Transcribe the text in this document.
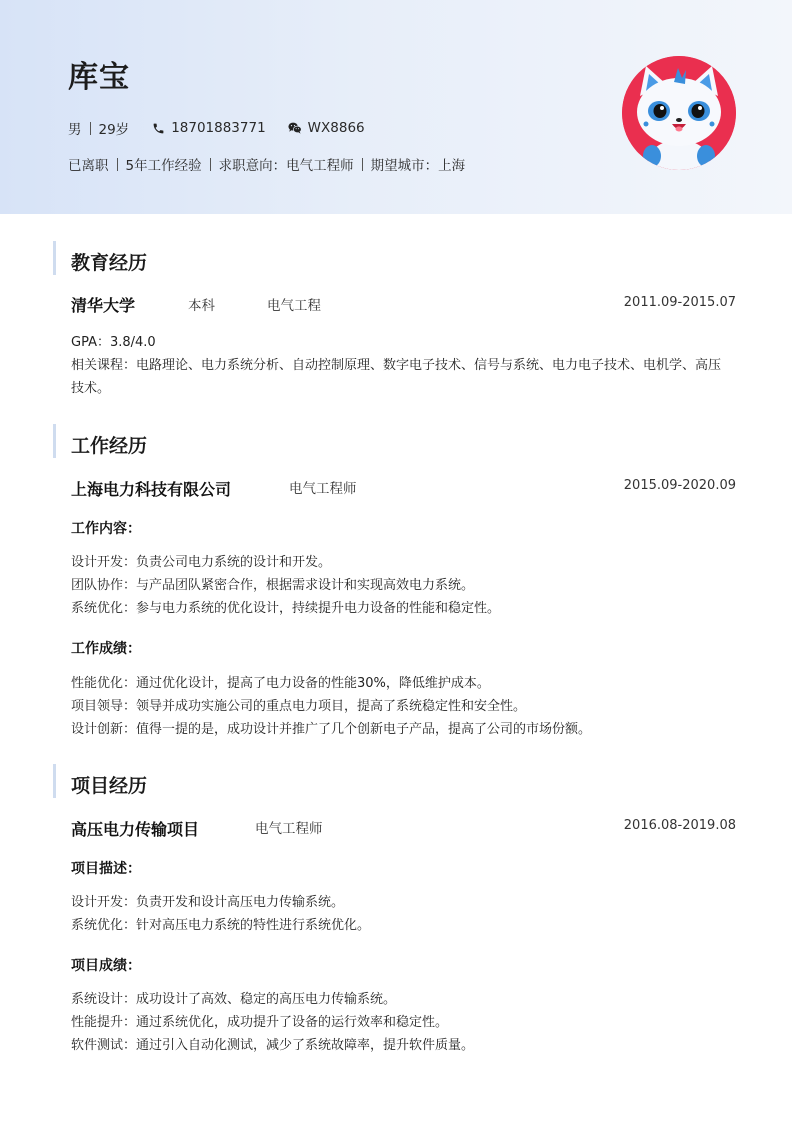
库宝
男 29岁	18701883771	WX8866
已离职 5年工作经验 求职意向：电气工程师 期望城市：上海
教育经历
清华大学	本科	电气工程	2011.09-2015.07
GPA：3.8/4.0
相关课程：电路理论、电力系统分析、自动控制原理、数字电子技术、信号与系统、电力电子技术、电机学、高压技术。
工作经历
上海电力科技有限公司	电气工程师	2015.09-2020.09
工作内容：
设计开发：负责公司电力系统的设计和开发。
团队协作：与产品团队紧密合作，根据需求设计和实现高效电力系统。
系统优化：参与电力系统的优化设计，持续提升电力设备的性能和稳定性。
工作成绩：
性能优化：通过优化设计，提高了电力设备的性能30%，降低维护成本。
项目领导：领导并成功实施公司的重点电力项目，提高了系统稳定性和安全性。
设计创新：值得一提的是，成功设计并推广了几个创新电子产品，提高了公司的市场份额。
项目经历
高压电力传输项目	电气工程师	2016.08-2019.08
项目描述：
设计开发：负责开发和设计高压电力传输系统。
系统优化：针对高压电力系统的特性进行系统优化。
项目成绩：
系统设计：成功设计了高效、稳定的高压电力传输系统。
性能提升：通过系统优化，成功提升了设备的运行效率和稳定性。
软件测试：通过引入自动化测试，减少了系统故障率，提升软件质量。
